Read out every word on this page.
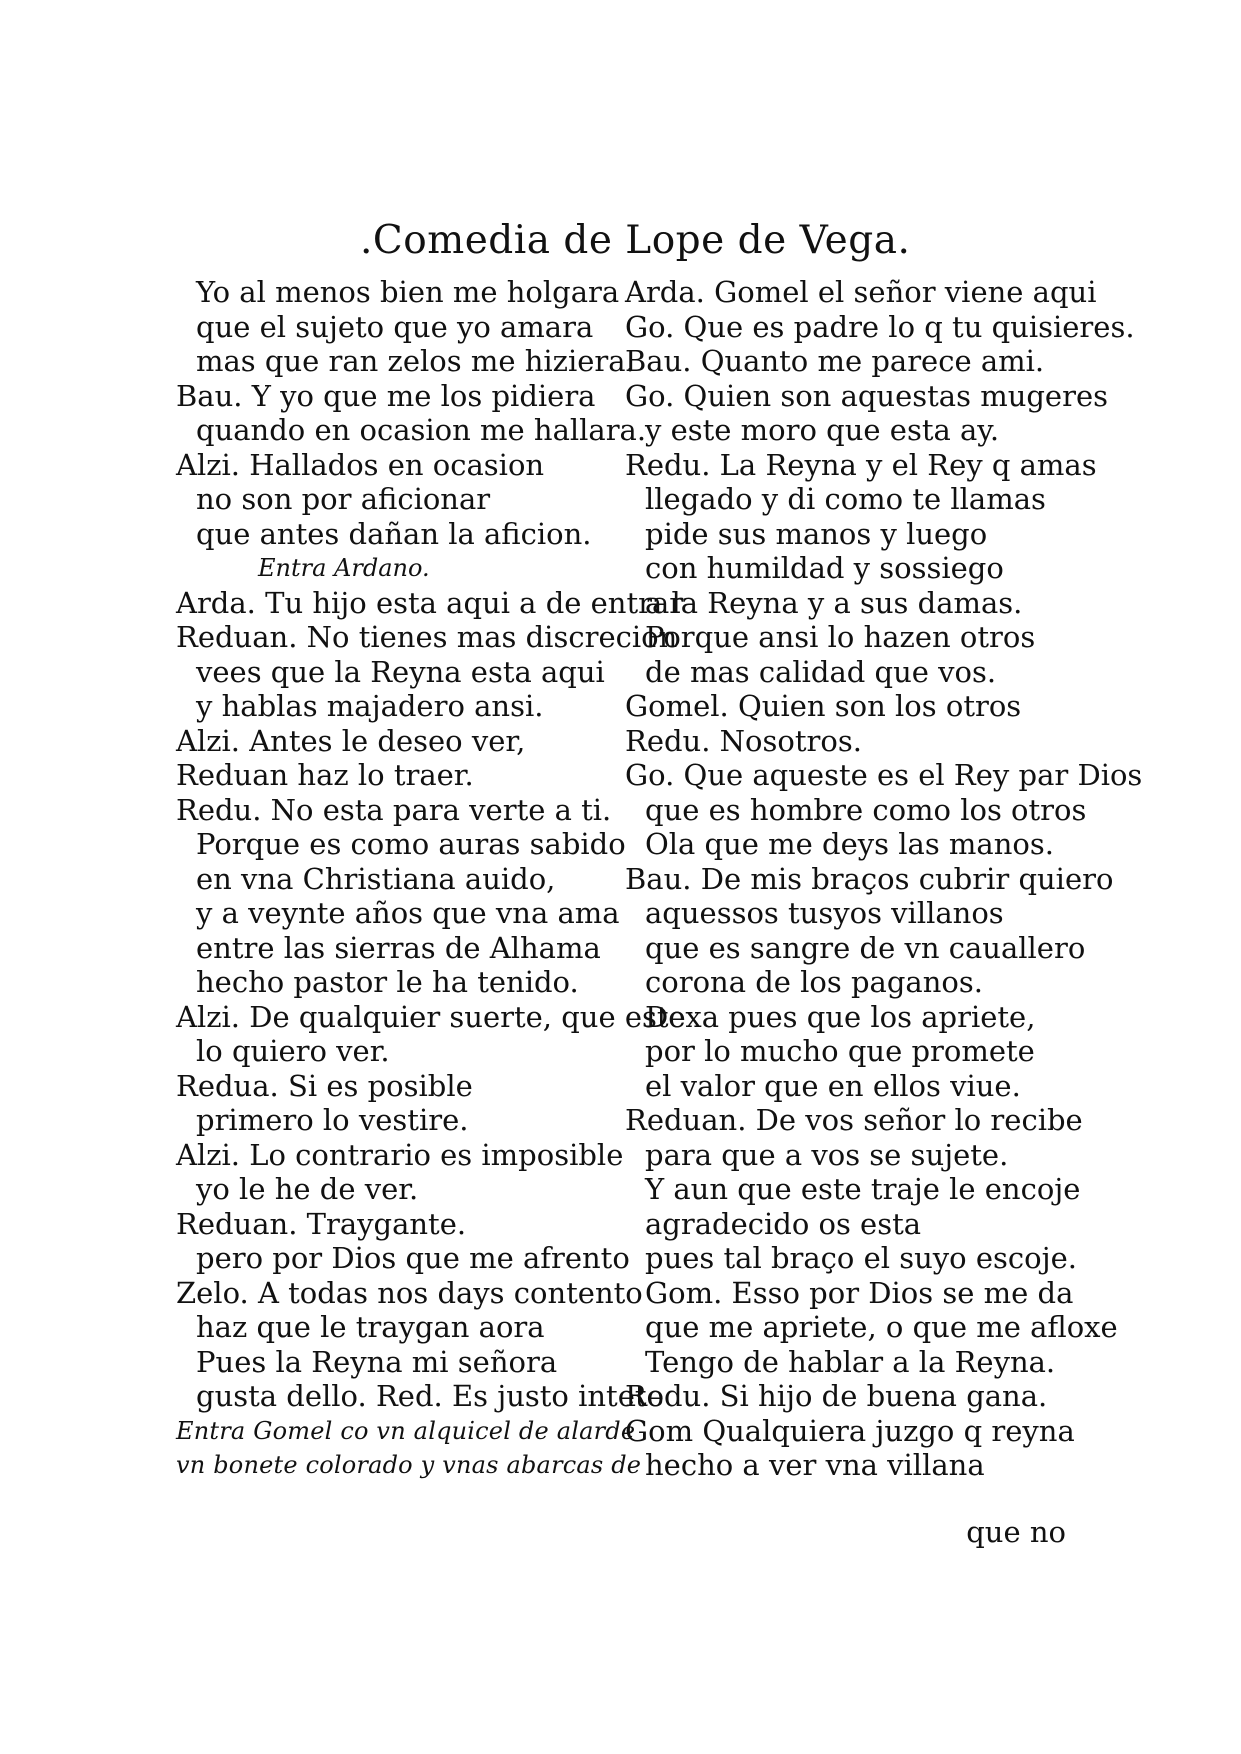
.Comedia de Lope de Vega.
Yo al menos bien me holgara
que el sujeto que yo amara
mas que ran zelos me hiziera.
Bau. Y yo que me los pidiera
quando en ocasion me hallara.
Alzi. Hallados en ocasion
no son por aficionar
que antes dañan la aficion.
Entra Ardano.
Arda. Tu hijo esta aqui a de entrar
Reduan. No tienes mas discrecion
vees que la Reyna esta aqui
y hablas majadero ansi.
Alzi. Antes le deseo ver,
Reduan haz lo traer.
Redu. No esta para verte a ti.
Porque es como auras sabido
en vna Christiana auido,
y a veynte años que vna ama
entre las sierras de Alhama
hecho pastor le ha tenido.
Alzi. De qualquier suerte, que este
lo quiero ver.
Redua. Si es posible
primero lo vestire.
Alzi. Lo contrario es imposible
yo le he de ver.
Reduan. Traygante.
pero por Dios que me afrento
Zelo. A todas nos days contento
haz que le traygan aora
Pues la Reyna mi señora
gusta dello. Red. Es justo inteto
Entra Gomel co vn alquicel de alarde
vn bonete colorado y vnas abarcas de
Arda. Gomel el señor viene aqui
Go. Que es padre lo q tu quisieres.
Bau. Quanto me parece ami.
Go. Quien son aquestas mugeres
y este moro que esta ay.
Redu. La Reyna y el Rey q amas
llegado y di como te llamas
pide sus manos y luego
con humildad y sossiego
a la Reyna y a sus damas.
Porque ansi lo hazen otros
de mas calidad que vos.
Gomel. Quien son los otros
Redu. Nosotros.
Go. Que aqueste es el Rey par Dios
que es hombre como los otros
Ola que me deys las manos.
Bau. De mis braços cubrir quiero
aquessos tusyos villanos
que es sangre de vn cauallero
corona de los paganos.
Dexa pues que los apriete,
por lo mucho que promete
el valor que en ellos viue.
Reduan. De vos señor lo recibe
para que a vos se sujete.
Y aun que este traje le encoje
agradecido os esta
pues tal braço el suyo escoje.
Gom. Esso por Dios se me da
que me apriete, o que me afloxe
Tengo de hablar a la Reyna.
Redu. Si hijo de buena gana.
Gom Qualquiera juzgo q reyna
hecho a ver vna villana
que no
